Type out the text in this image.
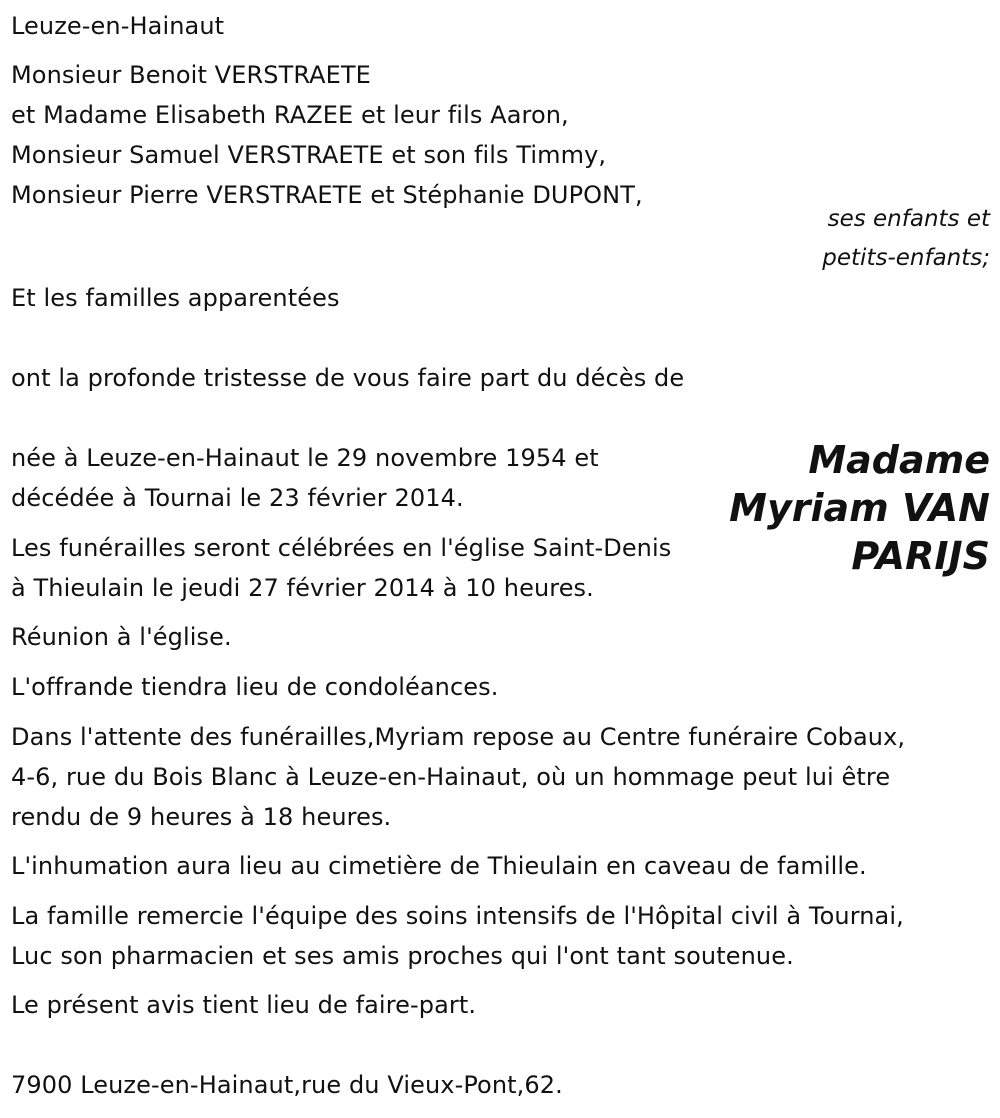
Leuze-en-Hainaut
Monsieur Benoit VERSTRAETE
et Madame Elisabeth RAZEE et leur fils Aaron,
Monsieur Samuel VERSTRAETE et son fils Timmy,
Monsieur Pierre VERSTRAETE et Stéphanie DUPONT,
ses enfants et
petits-enfants;
Et les familles apparentées
ont la profonde tristesse de vous faire part du décès de
Madame
Myriam VAN
PARIJS
née à Leuze-en-Hainaut le 29 novembre 1954 et
décédée à Tournai le 23 février 2014.
Les funérailles seront célébrées en l'église Saint-Denis
à Thieulain le jeudi 27 février 2014 à 10 heures.
Réunion à l'église.
L'offrande tiendra lieu de condoléances.
Dans l'attente des funérailles,Myriam repose au Centre funéraire Cobaux,
4-6, rue du Bois Blanc à Leuze-en-Hainaut, où un hommage peut lui être
rendu de 9 heures à 18 heures.
L'inhumation aura lieu au cimetière de Thieulain en caveau de famille.
La famille remercie l'équipe des soins intensifs de l'Hôpital civil à Tournai,
Luc son pharmacien et ses amis proches qui l'ont tant soutenue.
Le présent avis tient lieu de faire-part.
7900 Leuze-en-Hainaut,rue du Vieux-Pont,62.
